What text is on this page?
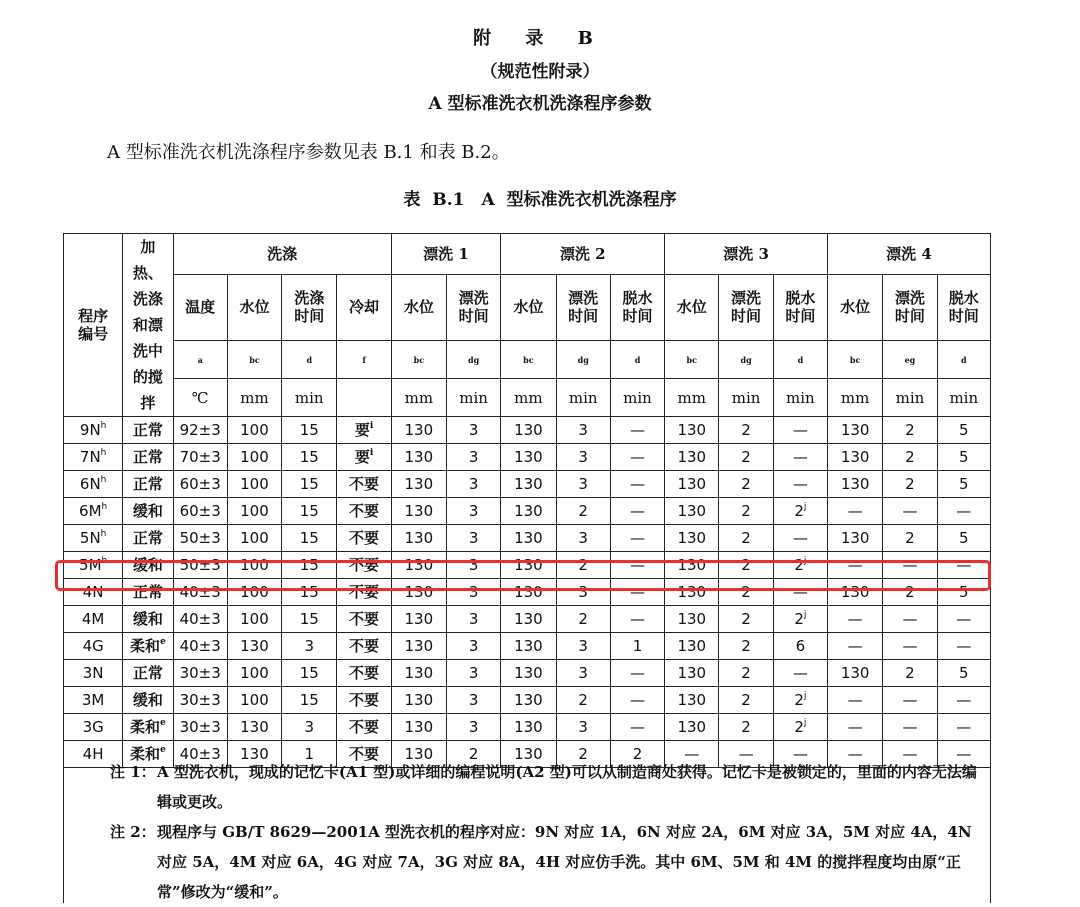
附 录 B
（规范性附录）
A 型标准洗衣机洗涤程序参数
A 型标准洗衣机洗涤程序参数见表 B.1 和表 B.2。
表 B.1　A 型标准洗衣机洗涤程序
程序编号	加热、洗涤和漂洗中的搅拌	洗涤				漂洗 1		漂洗 2			漂洗 3			漂洗 4		
		温度	水位	洗涤时间	冷却	水位	漂洗时间	水位	漂洗时间	脱水时间	水位	漂洗时间	脱水时间	水位	漂洗时间	脱水时间
		a	bc	d	f	bc	dg	bc	dg	d	bc	dg	d	bc	eg	d
		℃	mm	min		mm	min	mm	min	min	mm	min	min	mm	min	min
$9N^h$	正常	92±3	100	15	要$^i$	130	3	130	3	—	130	2	—	130	2	5
$7N^h$	正常	70±3	100	15	要$^i$	130	3	130	3	—	130	2	—	130	2	5
$6N^h$	正常	60±3	100	15	不要	130	3	130	3	—	130	2	—	130	2	5
$6M^h$	缓和	60±3	100	15	不要	130	3	130	2	—	130	2	2$^j$	—	—	—
$5N^h$	正常	50±3	100	15	不要	130	3	130	3	—	130	2	—	130	2	5
$5M^h$	缓和	50±3	100	15	不要	130	3	130	2	—	130	2	2$^j$	—	—	—
4N	正常	40±3	100	15	不要	130	3	130	3	—	130	2	—	130	2	5
4M	缓和	40±3	100	15	不要	130	3	130	2	—	130	2	2$^j$	—	—	—
4G	柔和$^e$	40±3	130	3	不要	130	3	130	3	1	130	2	6	—	—	—
3N	正常	30±3	100	15	不要	130	3	130	3	—	130	2	—	130	2	5
3M	缓和	30±3	100	15	不要	130	3	130	2	—	130	2	2$^j$	—	—	—
3G	柔和$^e$	30±3	130	3	不要	130	3	130	3	—	130	2	2$^j$	—	—	—
4H	柔和$^e$	40±3	130	1	不要	130	2	130	2	2	—	—	—	—	—	—
注 1： A 型洗衣机，现成的记忆卡(A1 型)或详细的编程说明(A2 型)可以从制造商处获得。记忆卡是被锁定的，里面的内容无法编辑或更改。
注 2： 现程序与 GB/T 8629—2001A 型洗衣机的程序对应：9N 对应 1A，6N 对应 2A，6M 对应 3A，5M 对应 4A，4N 对应 5A，4M 对应 6A，4G 对应 7A，3G 对应 8A，4H 对应仿手洗。其中 6M、5M 和 4M 的搅拌程度均由原“正常”修改为“缓和”。
